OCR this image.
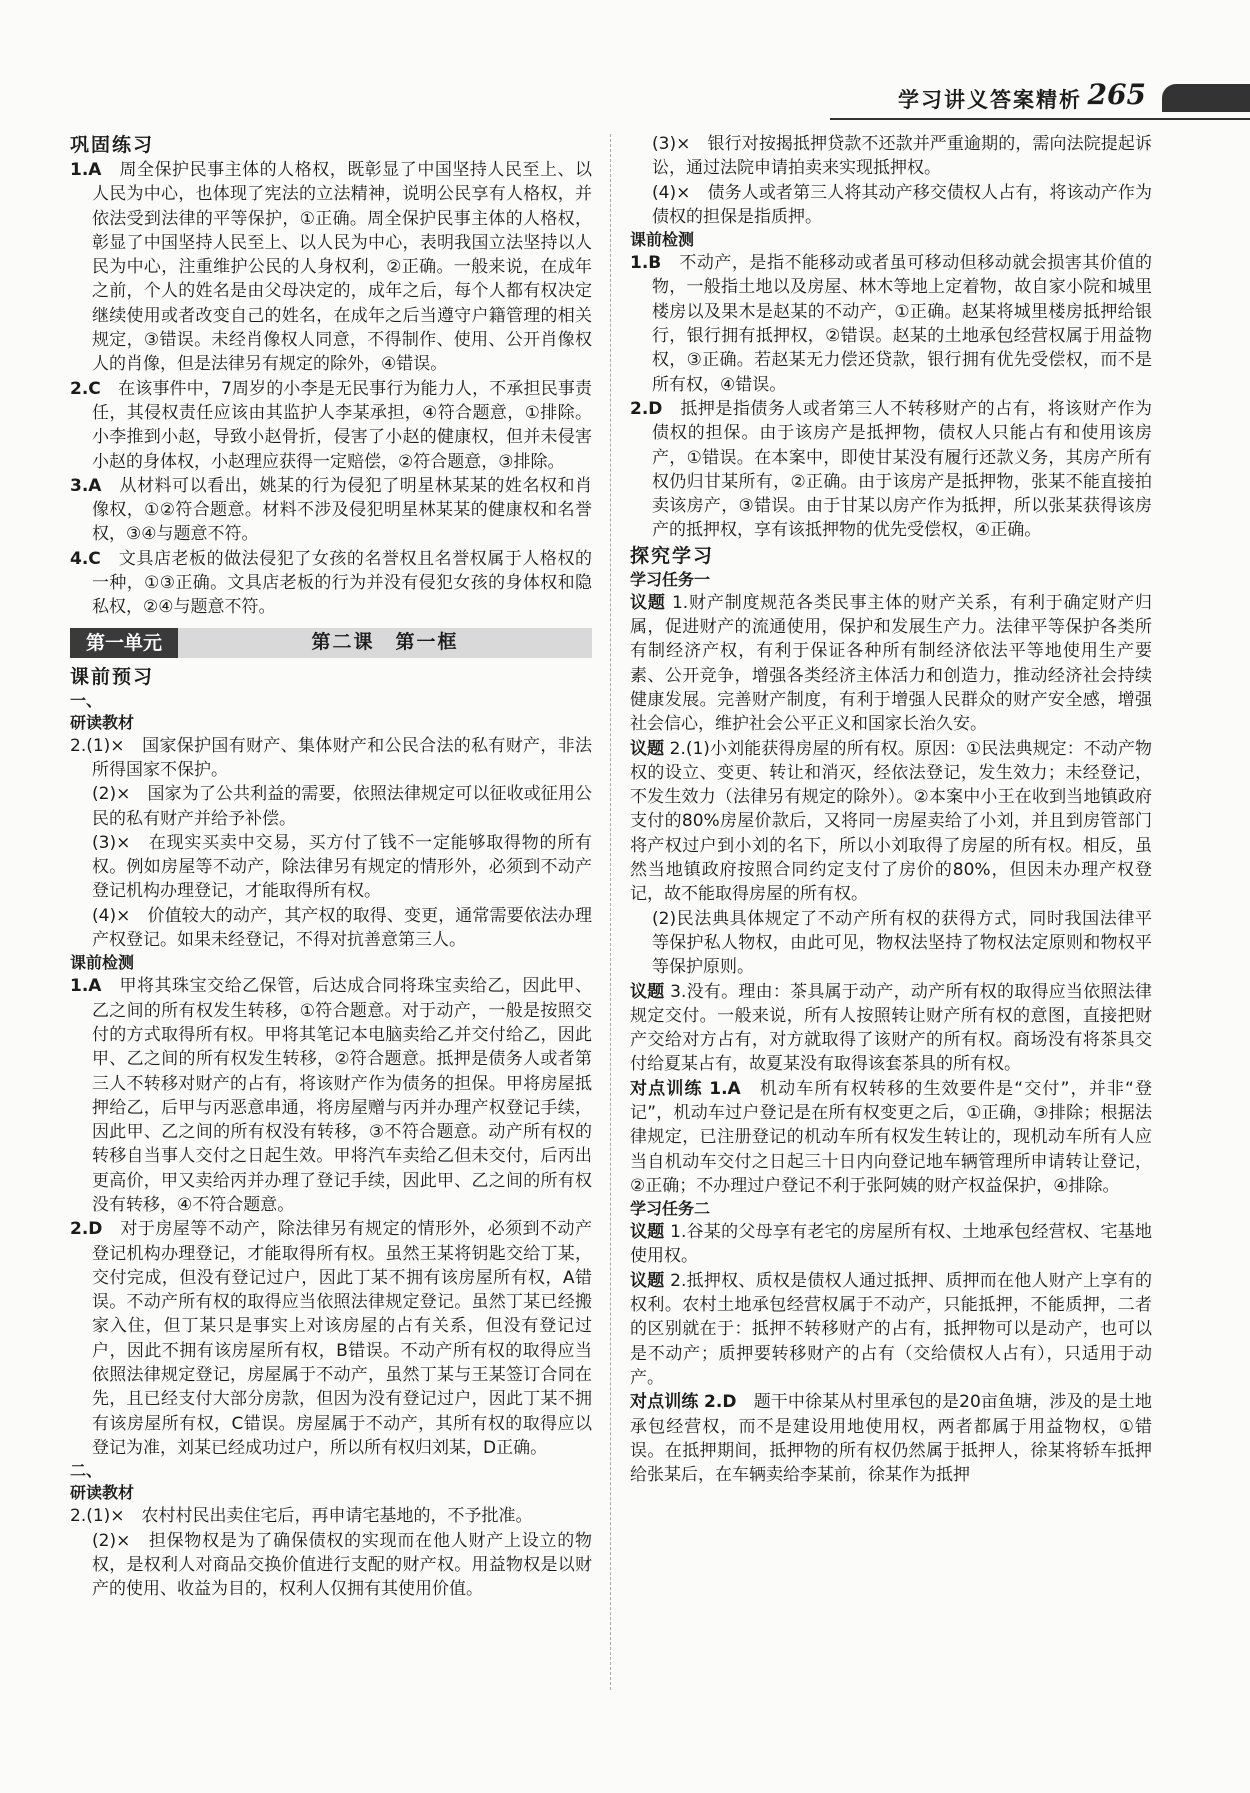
学习讲义答案精析 265

巩固练习

1.A　 周全保护民事主体的人格权，既彰显了中国坚持人民至上、以人民为中心，也体现了宪法的立法精神，说明公民享有人格权，并依法受到法律的平等保护，①正确。周全保护民事主体的人格权，彰显了中国坚持人民至上、以人民为中心，表明我国立法坚持以人民为中心，注重维护公民的人身权利，②正确。一般来说，在成年之前，个人的姓名是由父母决定的，成年之后，每个人都有权决定继续使用或者改变自己的姓名，在成年之后当遵守户籍管理的相关规定，③错误。未经肖像权人同意，不得制作、使用、公开肖像权人的肖像，但是法律另有规定的除外，④错误。

2.C　 在该事件中，7周岁的小李是无民事行为能力人，不承担民事责任，其侵权责任应该由其监护人李某承担，④符合题意，①排除。小李推到小赵，导致小赵骨折，侵害了小赵的健康权，但并未侵害小赵的身体权，小赵理应获得一定赔偿，②符合题意，③排除。

3.A　 从材料可以看出，姚某的行为侵犯了明星林某某的姓名权和肖像权，①②符合题意。材料不涉及侵犯明星林某某的健康权和名誉权，③④与题意不符。

4.C　 文具店老板的做法侵犯了女孩的名誉权且名誉权属于人格权的一种，①③正确。文具店老板的行为并没有侵犯女孩的身体权和隐私权，②④与题意不符。

第一单元	第二课　第一框

课前预习

一、

研读教材

2.(1)×　国家保护国有财产、集体财产和公民合法的私有财产，非法所得国家不保护。

(2)×　国家为了公共利益的需要，依照法律规定可以征收或征用公民的私有财产并给予补偿。

(3)×　在现实买卖中交易，买方付了钱不一定能够取得物的所有权。例如房屋等不动产，除法律另有规定的情形外，必须到不动产登记机构办理登记，才能取得所有权。

(4)×　价值较大的动产，其产权的取得、变更，通常需要依法办理产权登记。如果未经登记，不得对抗善意第三人。

课前检测

1.A　 甲将其珠宝交给乙保管，后达成合同将珠宝卖给乙，因此甲、乙之间的所有权发生转移，①符合题意。对于动产，一般是按照交付的方式取得所有权。甲将其笔记本电脑卖给乙并交付给乙，因此甲、乙之间的所有权发生转移，②符合题意。抵押是债务人或者第三人不转移对财产的占有，将该财产作为债务的担保。甲将房屋抵押给乙，后甲与丙恶意串通，将房屋赠与丙并办理产权登记手续，因此甲、乙之间的所有权没有转移，③不符合题意。动产所有权的转移自当事人交付之日起生效。甲将汽车卖给乙但未交付，后丙出更高价，甲又卖给丙并办理了登记手续，因此甲、乙之间的所有权没有转移，④不符合题意。

2.D　 对于房屋等不动产，除法律另有规定的情形外，必须到不动产登记机构办理登记，才能取得所有权。虽然王某将钥匙交给丁某，交付完成，但没有登记过户，因此丁某不拥有该房屋所有权，A错误。不动产所有权的取得应当依照法律规定登记。虽然丁某已经搬家入住，但丁某只是事实上对该房屋的占有关系，但没有登记过户，因此不拥有该房屋所有权，B错误。不动产所有权的取得应当依照法律规定登记，房屋属于不动产，虽然丁某与王某签订合同在先，且已经支付大部分房款，但因为没有登记过户，因此丁某不拥有该房屋所有权，C错误。房屋属于不动产，其所有权的取得应以登记为准，刘某已经成功过户，所以所有权归刘某，D正确。

二、

研读教材

2.(1)×　农村村民出卖住宅后，再申请宅基地的，不予批准。

(2)×　担保物权是为了确保债权的实现而在他人财产上设立的物权，是权利人对商品交换价值进行支配的财产权。用益物权是以财产的使用、收益为目的，权利人仅拥有其使用价值。

(3)×　银行对按揭抵押贷款不还款并严重逾期的，需向法院提起诉讼，通过法院申请拍卖来实现抵押权。

(4)×　债务人或者第三人将其动产移交债权人占有，将该动产作为债权的担保是指质押。

课前检测

1.B　 不动产，是指不能移动或者虽可移动但移动就会损害其价值的物，一般指土地以及房屋、林木等地上定着物，故自家小院和城里楼房以及果木是赵某的不动产，①正确。赵某将城里楼房抵押给银行，银行拥有抵押权，②错误。赵某的土地承包经营权属于用益物权，③正确。若赵某无力偿还贷款，银行拥有优先受偿权，而不是所有权，④错误。

2.D　 抵押是指债务人或者第三人不转移财产的占有，将该财产作为债权的担保。由于该房产是抵押物，债权人只能占有和使用该房产，①错误。在本案中，即使甘某没有履行还款义务，其房产所有权仍归甘某所有，②正确。由于该房产是抵押物，张某不能直接拍卖该房产，③错误。由于甘某以房产作为抵押，所以张某获得该房产的抵押权，享有该抵押物的优先受偿权，④正确。

探究学习

学习任务一

议题 1.财产制度规范各类民事主体的财产关系，有利于确定财产归属，促进财产的流通使用，保护和发展生产力。法律平等保护各类所有制经济产权，有利于保证各种所有制经济依法平等地使用生产要素、公开竞争，增强各类经济主体活力和创造力，推动经济社会持续健康发展。完善财产制度，有利于增强人民群众的财产安全感，增强社会信心，维护社会公平正义和国家长治久安。

议题 2.(1)小刘能获得房屋的所有权。原因：①民法典规定：不动产物权的设立、变更、转让和消灭，经依法登记，发生效力；未经登记，不发生效力（法律另有规定的除外）。②本案中小王在收到当地镇政府支付的80%房屋价款后，又将同一房屋卖给了小刘，并且到房管部门将产权过户到小刘的名下，所以小刘取得了房屋的所有权。相反，虽然当地镇政府按照合同约定支付了房价的80%，但因未办理产权登记，故不能取得房屋的所有权。

(2)民法典具体规定了不动产所有权的获得方式，同时我国法律平等保护私人物权，由此可见，物权法坚持了物权法定原则和物权平等保护原则。

议题 3.没有。理由：茶具属于动产，动产所有权的取得应当依照法律规定交付。一般来说，所有人按照转让财产所有权的意图，直接把财产交给对方占有，对方就取得了该财产的所有权。商场没有将茶具交付给夏某占有，故夏某没有取得该套茶具的所有权。

对点训练 1.A　 机动车所有权转移的生效要件是“交付”，并非“登记”，机动车过户登记是在所有权变更之后，①正确，③排除；根据法律规定，已注册登记的机动车所有权发生转让的，现机动车所有人应当自机动车交付之日起三十日内向登记地车辆管理所申请转让登记，②正确；不办理过户登记不利于张阿姨的财产权益保护，④排除。

学习任务二

议题 1.谷某的父母享有老宅的房屋所有权、土地承包经营权、宅基地使用权。

议题 2.抵押权、质权是债权人通过抵押、质押而在他人财产上享有的权利。农村土地承包经营权属于不动产，只能抵押，不能质押，二者的区别就在于：抵押不转移财产的占有，抵押物可以是动产，也可以是不动产；质押要转移财产的占有（交给债权人占有），只适用于动产。

对点训练 2.D　 题干中徐某从村里承包的是20亩鱼塘，涉及的是土地承包经营权，而不是建设用地使用权，两者都属于用益物权，①错误。在抵押期间，抵押物的所有权仍然属于抵押人，徐某将轿车抵押给张某后，在车辆卖给李某前，徐某作为抵押
